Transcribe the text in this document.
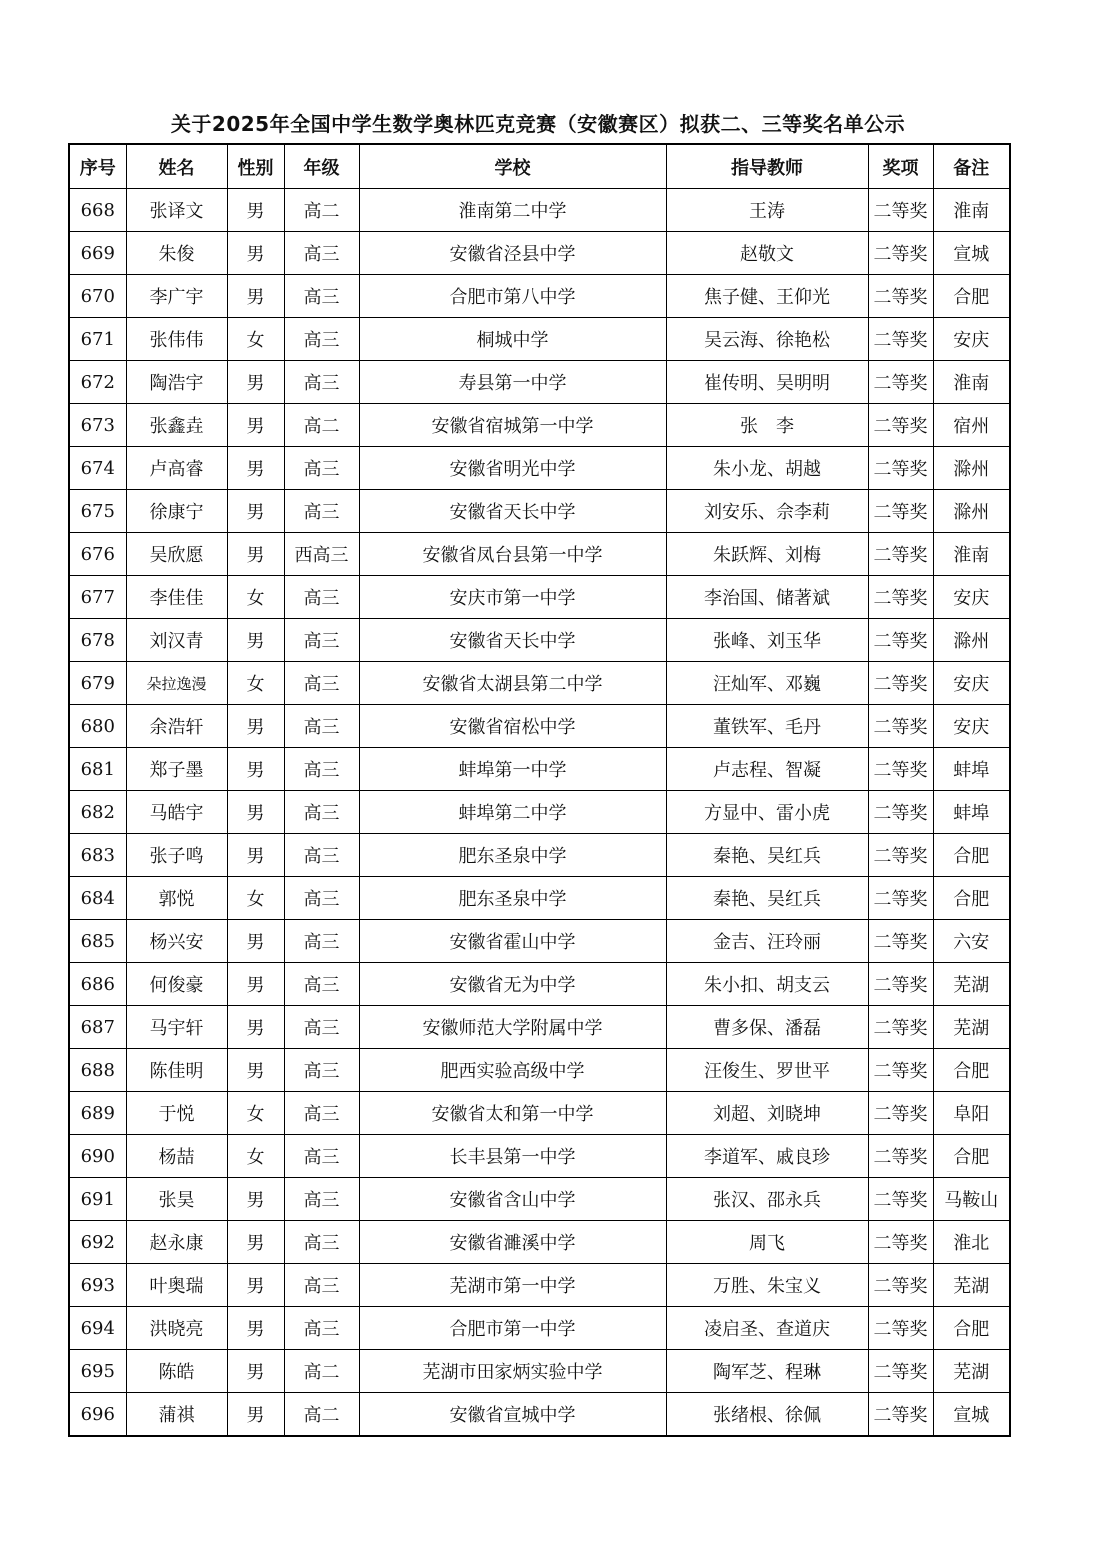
关于2025年全国中学生数学奥林匹克竞赛（安徽赛区）拟获二、三等奖名单公示
序号	姓名	性别	年级	学校	指导教师	奖项	备注
668	张译文	男	高二	淮南第二中学	王涛	二等奖	淮南
669	朱俊	男	高三	安徽省泾县中学	赵敬文	二等奖	宣城
670	李广宇	男	高三	合肥市第八中学	焦子健、王仰光	二等奖	合肥
671	张伟伟	女	高三	桐城中学	吴云海、徐艳松	二等奖	安庆
672	陶浩宇	男	高三	寿县第一中学	崔传明、吴明明	二等奖	淮南
673	张鑫垚	男	高二	安徽省宿城第一中学	张　李	二等奖	宿州
674	卢高睿	男	高三	安徽省明光中学	朱小龙、胡越	二等奖	滁州
675	徐康宁	男	高三	安徽省天长中学	刘安乐、佘李莉	二等奖	滁州
676	吴欣愿	男	西高三	安徽省凤台县第一中学	朱跃辉、刘梅	二等奖	淮南
677	李佳佳	女	高三	安庆市第一中学	李治国、储著斌	二等奖	安庆
678	刘汉青	男	高三	安徽省天长中学	张峰、刘玉华	二等奖	滁州
679	朵拉逸漫	女	高三	安徽省太湖县第二中学	汪灿军、邓巍	二等奖	安庆
680	余浩轩	男	高三	安徽省宿松中学	董铁军、毛丹	二等奖	安庆
681	郑子墨	男	高三	蚌埠第一中学	卢志程、智凝	二等奖	蚌埠
682	马皓宇	男	高三	蚌埠第二中学	方显中、雷小虎	二等奖	蚌埠
683	张子鸣	男	高三	肥东圣泉中学	秦艳、吴红兵	二等奖	合肥
684	郭悦	女	高三	肥东圣泉中学	秦艳、吴红兵	二等奖	合肥
685	杨兴安	男	高三	安徽省霍山中学	金吉、汪玲丽	二等奖	六安
686	何俊豪	男	高三	安徽省无为中学	朱小扣、胡支云	二等奖	芜湖
687	马宇轩	男	高三	安徽师范大学附属中学	曹多保、潘磊	二等奖	芜湖
688	陈佳明	男	高三	肥西实验高级中学	汪俊生、罗世平	二等奖	合肥
689	于悦	女	高三	安徽省太和第一中学	刘超、刘晓坤	二等奖	阜阳
690	杨喆	女	高三	长丰县第一中学	李道军、戚良珍	二等奖	合肥
691	张昊	男	高三	安徽省含山中学	张汉、邵永兵	二等奖	马鞍山
692	赵永康	男	高三	安徽省濉溪中学	周飞	二等奖	淮北
693	叶奥瑞	男	高三	芜湖市第一中学	万胜、朱宝义	二等奖	芜湖
694	洪晓亮	男	高三	合肥市第一中学	凌启圣、查道庆	二等奖	合肥
695	陈皓	男	高二	芜湖市田家炳实验中学	陶军芝、程琳	二等奖	芜湖
696	蒲祺	男	高二	安徽省宣城中学	张绪根、徐佩	二等奖	宣城
